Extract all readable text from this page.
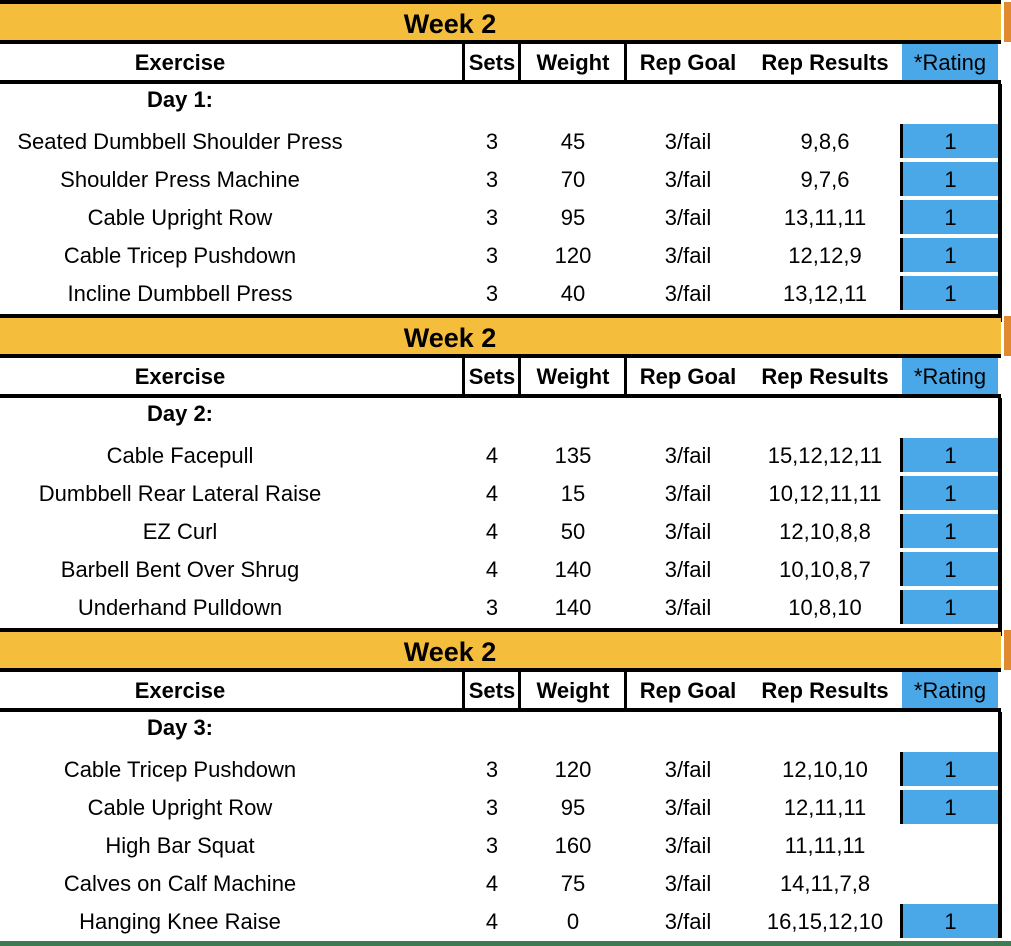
Week 2
Exercise	Sets Weight	Rep Goal	Rep Results	*Rating
Day 1:
Seated Dumbbell Shoulder Press	3	45	3/fail	9,8,6	1
Shoulder Press Machine	3	70	3/fail	9,7,6	1
Cable Upright Row	3	95	3/fail	13,11,11	1
Cable Tricep Pushdown	3	120	3/fail	12,12,9	1
Incline Dumbbell Press	3	40	3/fail	13,12,11	1
Week 2
Exercise	Sets Weight	Rep Goal	Rep Results	*Rating
Day 2:
Cable Facepull	4	135	3/fail	15,12,12,11	1
Dumbbell Rear Lateral Raise	4	15	3/fail	10,12,11,11	1
EZ Curl	4	50	3/fail	12,10,8,8	1
Barbell Bent Over Shrug	4	140	3/fail	10,10,8,7	1
Underhand Pulldown	3	140	3/fail	10,8,10	1
Week 2
Exercise	Sets Weight	Rep Goal	Rep Results	*Rating
Day 3:
Cable Tricep Pushdown	3	120	3/fail	12,10,10	1
Cable Upright Row	3	95	3/fail	12,11,11	1
High Bar Squat	3	160	3/fail	11,11,11
Calves on Calf Machine	4	75	3/fail	14,11,7,8
Hanging Knee Raise	4	0	3/fail	16,15,12,10	1
